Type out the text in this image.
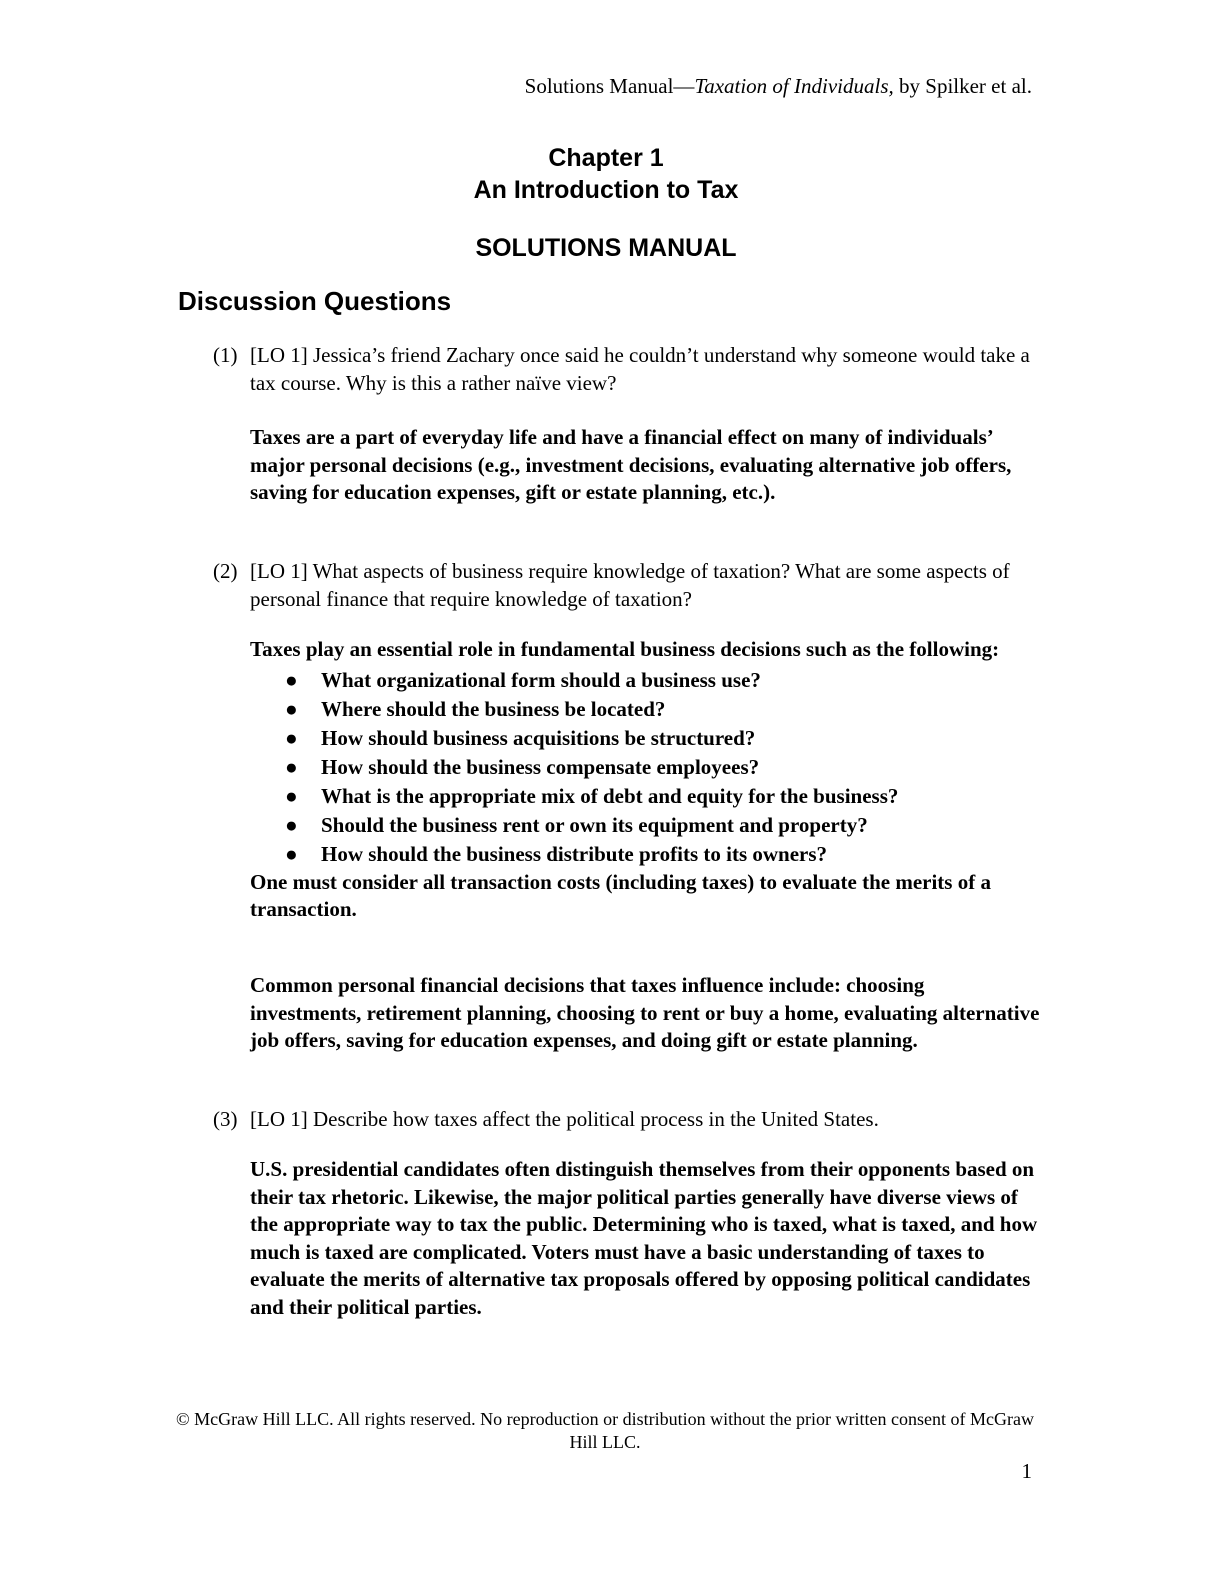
Solutions Manual—Taxation of Individuals, by Spilker et al.
Chapter 1
An Introduction to Tax
SOLUTIONS MANUAL
Discussion Questions
(1) [LO 1] Jessica’s friend Zachary once said he couldn’t understand why someone would take a tax course. Why is this a rather naïve view?

Taxes are a part of everyday life and have a financial effect on many of individuals’ major personal decisions (e.g., investment decisions, evaluating alternative job offers, saving for education expenses, gift or estate planning, etc.).

(2) [LO 1] What aspects of business require knowledge of taxation? What are some aspects of personal finance that require knowledge of taxation?

Taxes play an essential role in fundamental business decisions such as the following:

● What organizational form should a business use?
● Where should the business be located?
● How should business acquisitions be structured?
● How should the business compensate employees?
● What is the appropriate mix of debt and equity for the business?
● Should the business rent or own its equipment and property?
● How should the business distribute profits to its owners?

One must consider all transaction costs (including taxes) to evaluate the merits of a transaction.

Common personal financial decisions that taxes influence include: choosing investments, retirement planning, choosing to rent or buy a home, evaluating alternative job offers, saving for education expenses, and doing gift or estate planning.

(3) [LO 1] Describe how taxes affect the political process in the United States.

U.S. presidential candidates often distinguish themselves from their opponents based on their tax rhetoric. Likewise, the major political parties generally have diverse views of the appropriate way to tax the public. Determining who is taxed, what is taxed, and how much is taxed are complicated. Voters must have a basic understanding of taxes to evaluate the merits of alternative tax proposals offered by opposing political candidates and their political parties.

© McGraw Hill LLC. All rights reserved. No reproduction or distribution without the prior written consent of McGraw Hill LLC.
1
